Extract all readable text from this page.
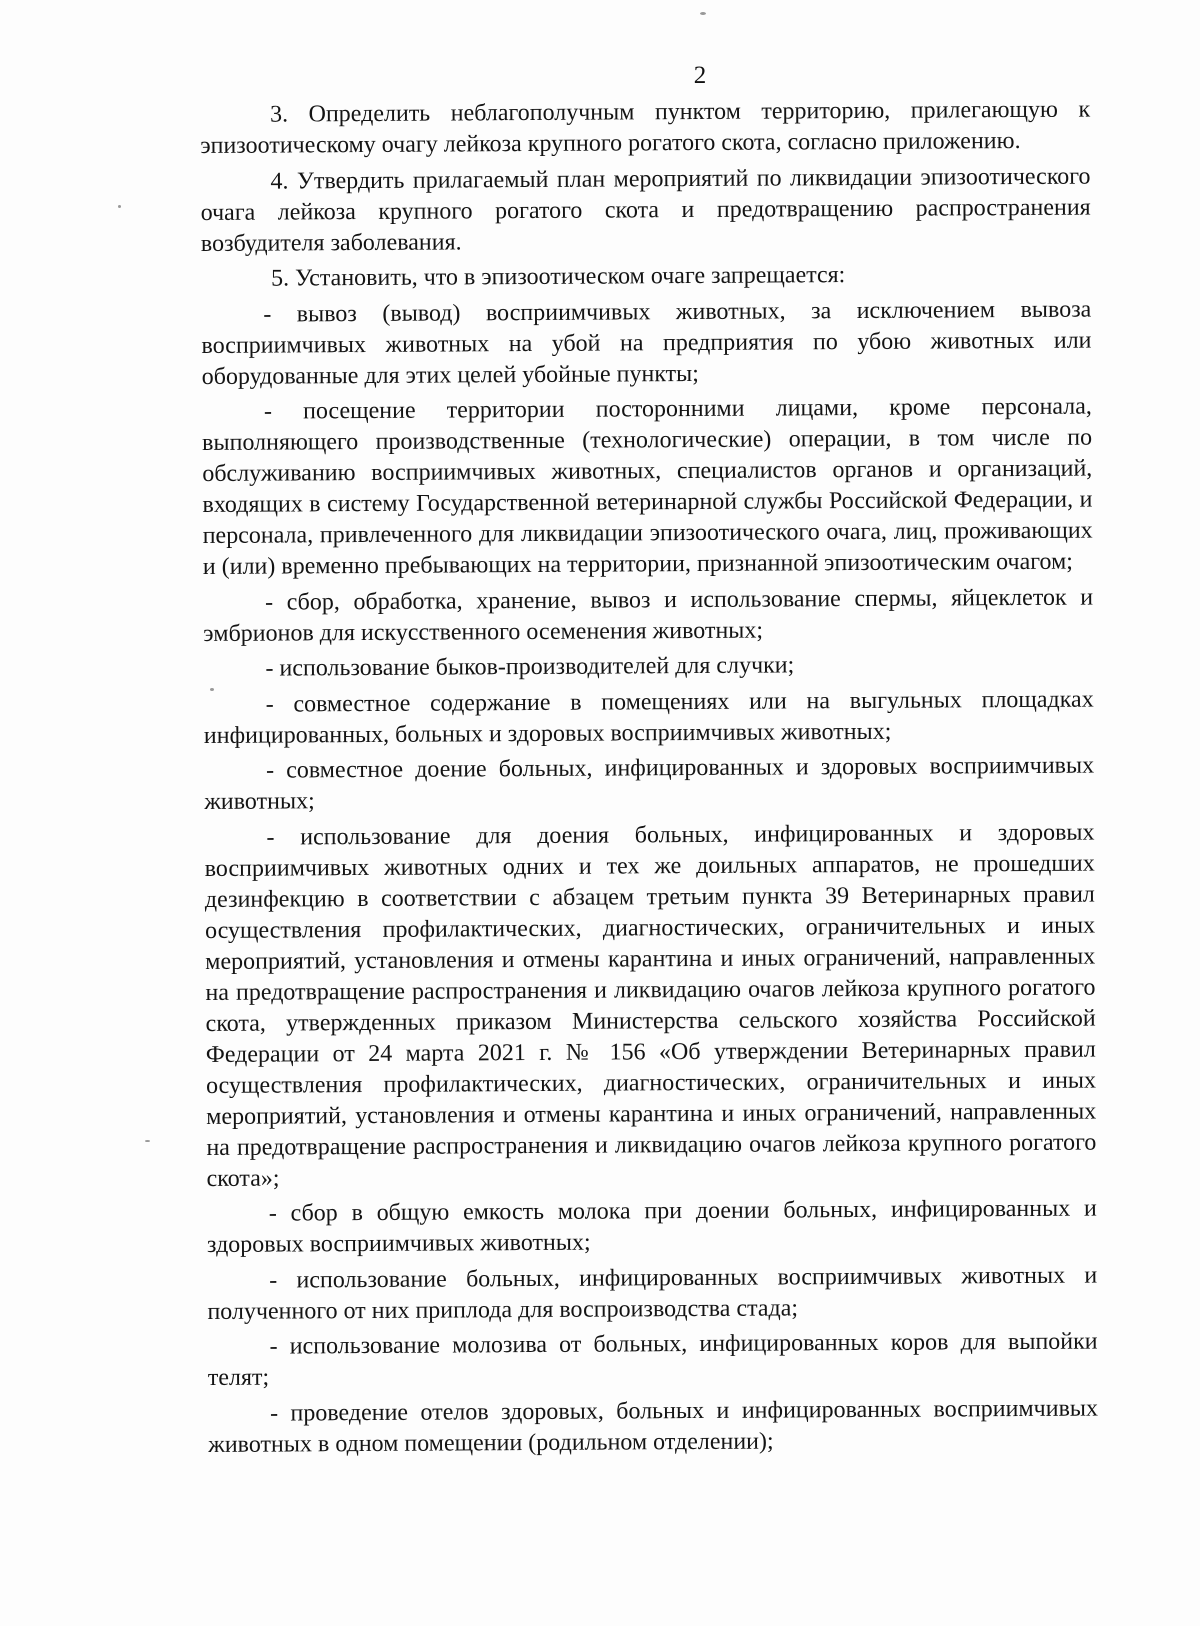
2

3. Определить неблагополучным пунктом территорию, прилегающую к эпизоотическому очагу лейкоза крупного рогатого скота, согласно приложению.

4. Утвердить прилагаемый план мероприятий по ликвидации эпизоотического очага лейкоза крупного рогатого скота и предотвращению распространения возбудителя заболевания.

5. Установить, что в эпизоотическом очаге запрещается:

- вывоз (вывод) восприимчивых животных, за исключением вывоза восприимчивых животных на убой на предприятия по убою животных или оборудованные для этих целей убойные пункты;

- посещение территории посторонними лицами, кроме персонала, выполняющего производственные (технологические) операции, в том числе по обслуживанию восприимчивых животных, специалистов органов и организаций, входящих в систему Государственной ветеринарной службы Российской Федерации, и персонала, привлеченного для ликвидации эпизоотического очага, лиц, проживающих и (или) временно пребывающих на территории, признанной эпизоотическим очагом;

- сбор, обработка, хранение, вывоз и использование спермы, яйцеклеток и эмбрионов для искусственного осеменения животных;

- использование быков-производителей для случки;

- совместное содержание в помещениях или на выгульных площадках инфицированных, больных и здоровых восприимчивых животных;

- совместное доение больных, инфицированных и здоровых восприимчивых животных;

- использование для доения больных, инфицированных и здоровых восприимчивых животных одних и тех же доильных аппаратов, не прошедших дезинфекцию в соответствии с абзацем третьим пункта 39 Ветеринарных правил осуществления профилактических, диагностических, ограничительных и иных мероприятий, установления и отмены карантина и иных ограничений, направленных на предотвращение распространения и ликвидацию очагов лейкоза крупного рогатого скота, утвержденных приказом Министерства сельского хозяйства Российской Федерации от 24 марта 2021 г. № 156 «Об утверждении Ветеринарных правил осуществления профилактических, диагностических, ограничительных и иных мероприятий, установления и отмены карантина и иных ограничений, направленных на предотвращение распространения и ликвидацию очагов лейкоза крупного рогатого скота»;

- сбор в общую емкость молока при доении больных, инфицированных и здоровых восприимчивых животных;

- использование больных, инфицированных восприимчивых животных и полученного от них приплода для воспроизводства стада;

- использование молозива от больных, инфицированных коров для выпойки телят;

- проведение отелов здоровых, больных и инфицированных восприимчивых животных в одном помещении (родильном отделении);
